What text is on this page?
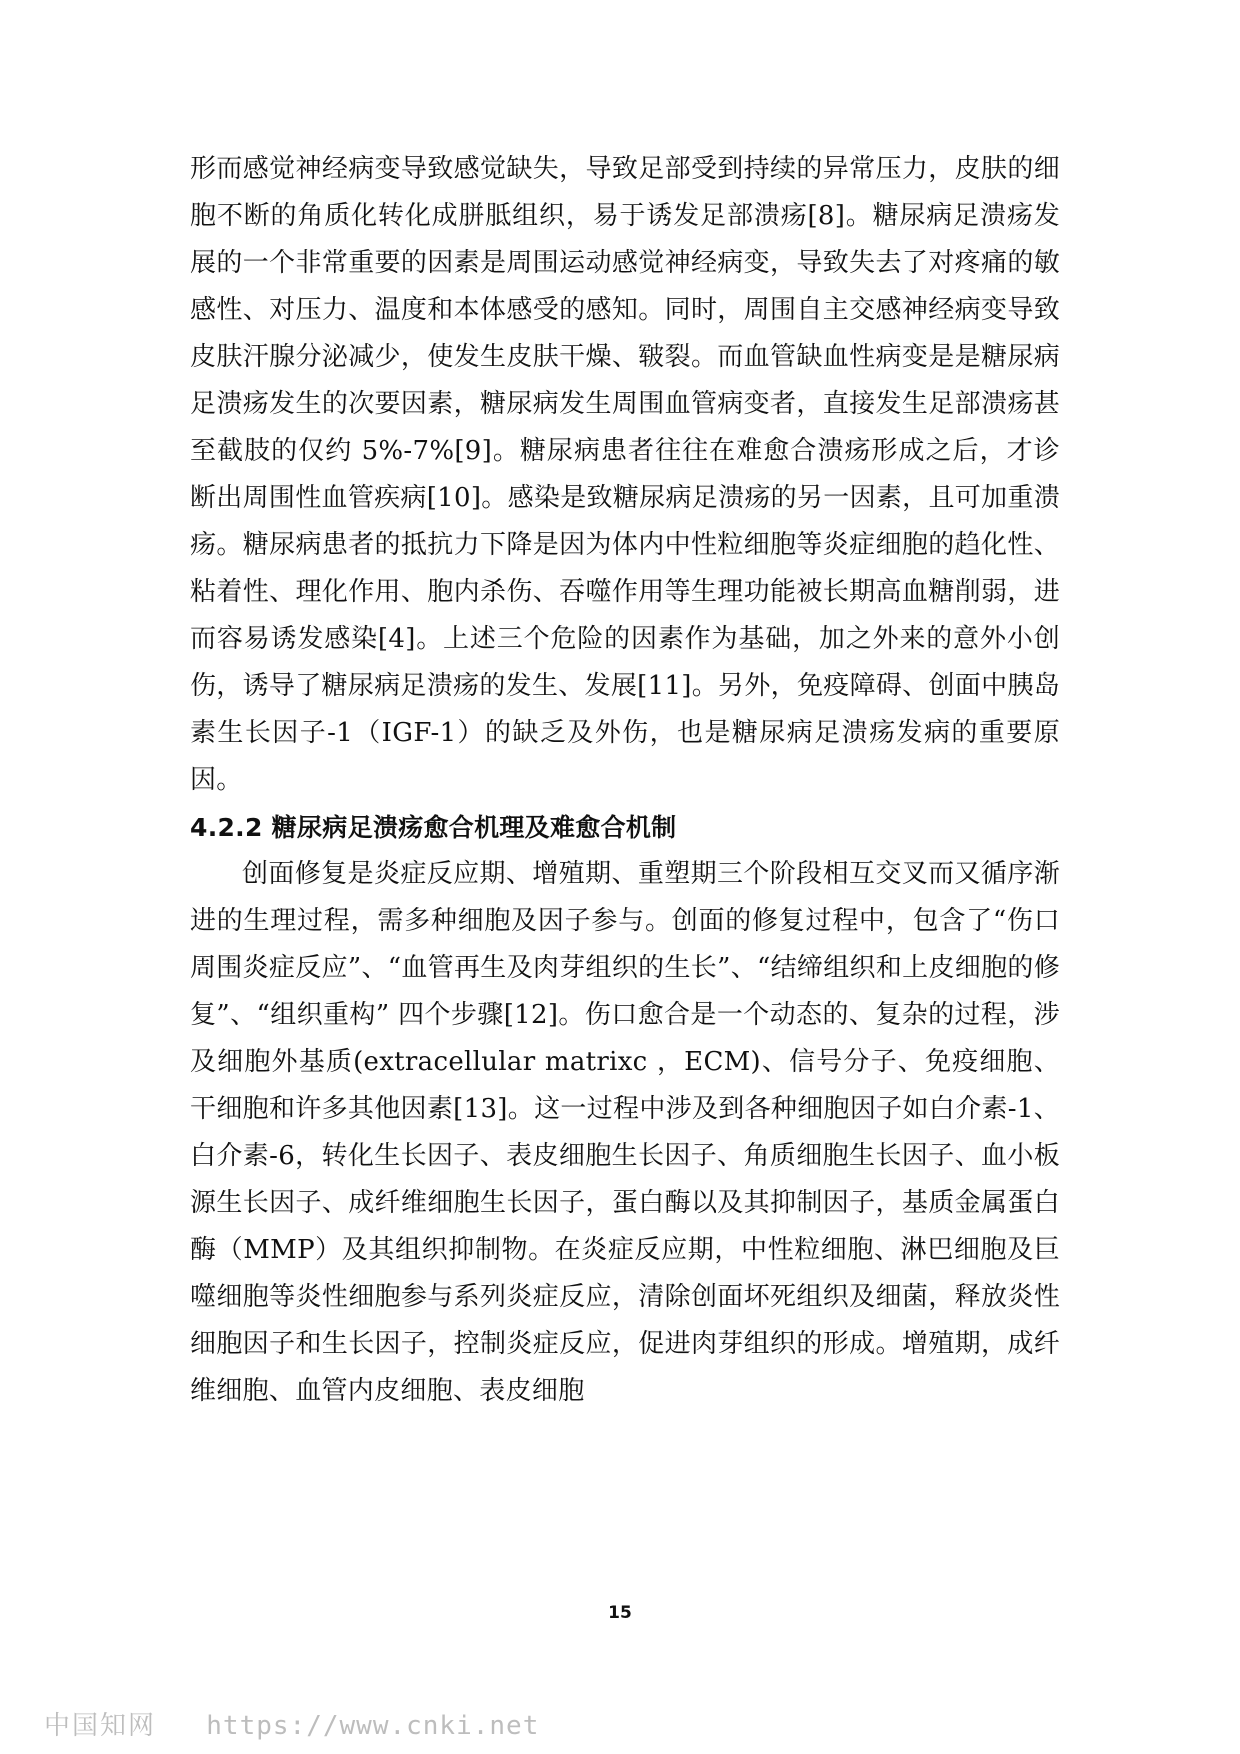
形而感觉神经病变导致感觉缺失，导致足部受到持续的异常压力，皮肤的细胞不断的角质化转化成胼胝组织，易于诱发足部溃疡[8]。糖尿病足溃疡发展的一个非常重要的因素是周围运动感觉神经病变，导致失去了对疼痛的敏感性、对压力、温度和本体感受的感知。同时，周围自主交感神经病变导致皮肤汗腺分泌减少，使发生皮肤干燥、皲裂。而血管缺血性病变是是糖尿病足溃疡发生的次要因素，糖尿病发生周围血管病变者，直接发生足部溃疡甚至截肢的仅约 5%-7%[9]。糖尿病患者往往在难愈合溃疡形成之后，才诊断出周围性血管疾病[10]。感染是致糖尿病足溃疡的另一因素，且可加重溃疡。糖尿病患者的抵抗力下降是因为体内中性粒细胞等炎症细胞的趋化性、粘着性、理化作用、胞内杀伤、吞噬作用等生理功能被长期高血糖削弱，进而容易诱发感染[4]。上述三个危险的因素作为基础，加之外来的意外小创伤，诱导了糖尿病足溃疡的发生、发展[11]。另外，免疫障碍、创面中胰岛素生长因子-1（IGF-1）的缺乏及外伤，也是糖尿病足溃疡发病的重要原因。

4.2.2 糖尿病足溃疡愈合机理及难愈合机制

创面修复是炎症反应期、增殖期、重塑期三个阶段相互交叉而又循序渐进的生理过程，需多种细胞及因子参与。创面的修复过程中，包含了“伤口周围炎症反应”、“血管再生及肉芽组织的生长”、“结缔组织和上皮细胞的修复”、“组织重构” 四个步骤[12]。伤口愈合是一个动态的、复杂的过程，涉及细胞外基质(extracellular matrixc ，ECM)、信号分子、免疫细胞、干细胞和许多其他因素[13]。这一过程中涉及到各种细胞因子如白介素-1、白介素-6，转化生长因子、表皮细胞生长因子、角质细胞生长因子、血小板源生长因子、成纤维细胞生长因子，蛋白酶以及其抑制因子，基质金属蛋白酶（MMP）及其组织抑制物。在炎症反应期，中性粒细胞、淋巴细胞及巨噬细胞等炎性细胞参与系列炎症反应，清除创面坏死组织及细菌，释放炎性细胞因子和生长因子，控制炎症反应，促进肉芽组织的形成。增殖期，成纤维细胞、血管内皮细胞、表皮细胞

15
中国知网 https://www.cnki.net
